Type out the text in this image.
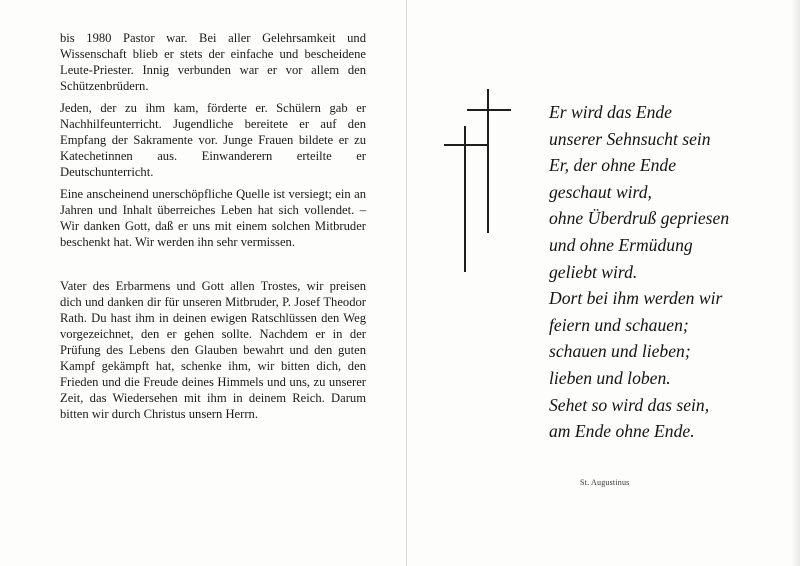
bis 1980 Pastor war. Bei aller Gelehrsamkeit und Wissenschaft blieb er stets der einfache und bescheidene Leute-Priester. Innig verbunden war er vor allem den Schützenbrüdern.

Jeden, der zu ihm kam, förderte er. Schülern gab er Nachhilfeunterricht. Jugendliche bereitete er auf den Empfang der Sakramente vor. Junge Frauen bildete er zu Katechetinnen aus. Einwanderern erteilte er Deutschunterricht.

Eine anscheinend unerschöpfliche Quelle ist versiegt; ein an Jahren und Inhalt überreiches Leben hat sich vollendet. – Wir danken Gott, daß er uns mit einem solchen Mitbruder beschenkt hat. Wir werden ihn sehr vermissen.

Vater des Erbarmens und Gott allen Trostes, wir preisen dich und danken dir für unseren Mitbruder, P. Josef Theodor Rath. Du hast ihm in deinen ewigen Ratschlüssen den Weg vorgezeichnet, den er gehen sollte. Nachdem er in der Prüfung des Lebens den Glauben bewahrt und den guten Kampf gekämpft hat, schenke ihm, wir bitten dich, den Frieden und die Freude deines Himmels und uns, zu unserer Zeit, das Wiedersehen mit ihm in deinem Reich. Darum bitten wir durch Christus unsern Herrn.

Er wird das Ende
unserer Sehnsucht sein
Er, der ohne Ende
geschaut wird,
ohne Überdruß gepriesen
und ohne Ermüdung
geliebt wird.
Dort bei ihm werden wir
feiern und schauen;
schauen und lieben;
lieben und loben.
Sehet so wird das sein,
am Ende ohne Ende.
St. Augustinus
